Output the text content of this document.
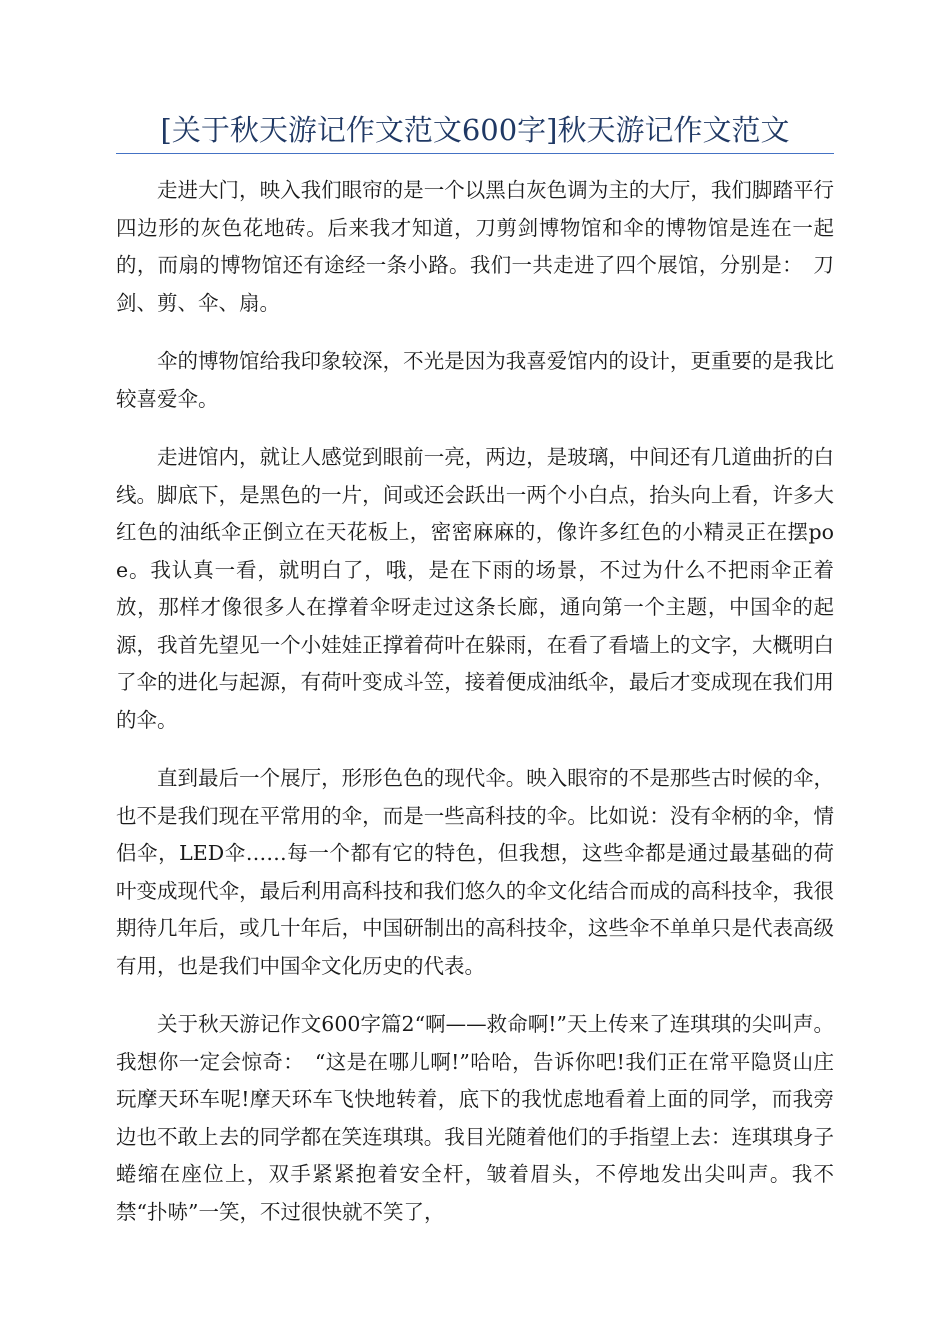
[关于秋天游记作文范文600字]秋天游记作文范文

走进大门，映入我们眼帘的是一个以黑白灰色调为主的大厅，我们脚踏平行四边形的灰色花地砖。后来我才知道，刀剪剑博物馆和伞的博物馆是连在一起的，而扇的博物馆还有途经一条小路。我们一共走进了四个展馆，分别是：　刀剑、剪、伞、扇。

伞的博物馆给我印象较深，不光是因为我喜爱馆内的设计，更重要的是我比较喜爱伞。

走进馆内，就让人感觉到眼前一亮，两边，是玻璃，中间还有几道曲折的白线。脚底下，是黑色的一片，间或还会跃出一两个小白点，抬头向上看，许多大红色的油纸伞正倒立在天花板上，密密麻麻的，像许多红色的小精灵正在摆poe。我认真一看，就明白了，哦，是在下雨的场景，不过为什么不把雨伞正着放，那样才像很多人在撑着伞呀走过这条长廊，通向第一个主题，中国伞的起源，我首先望见一个小娃娃正撑着荷叶在躲雨，在看了看墙上的文字，大概明白了伞的进化与起源，有荷叶变成斗笠，接着便成油纸伞，最后才变成现在我们用的伞。

直到最后一个展厅，形形色色的现代伞。映入眼帘的不是那些古时候的伞，也不是我们现在平常用的伞，而是一些高科技的伞。比如说：没有伞柄的伞，情侣伞，LED伞……每一个都有它的特色，但我想，这些伞都是通过最基础的荷叶变成现代伞，最后利用高科技和我们悠久的伞文化结合而成的高科技伞，我很期待几年后，或几十年后，中国研制出的高科技伞，这些伞不单单只是代表高级有用，也是我们中国伞文化历史的代表。

关于秋天游记作文600字篇2“啊——救命啊!”天上传来了连琪琪的尖叫声。我想你一定会惊奇：　“这是在哪儿啊!”哈哈，告诉你吧!我们正在常平隐贤山庄玩摩天环车呢!摩天环车飞快地转着，底下的我忧虑地看着上面的同学，而我旁边也不敢上去的同学都在笑连琪琪。我目光随着他们的手指望上去：连琪琪身子蜷缩在座位上，双手紧紧抱着安全杆，皱着眉头，不停地发出尖叫声。我不禁“扑哧”一笑，不过很快就不笑了，
